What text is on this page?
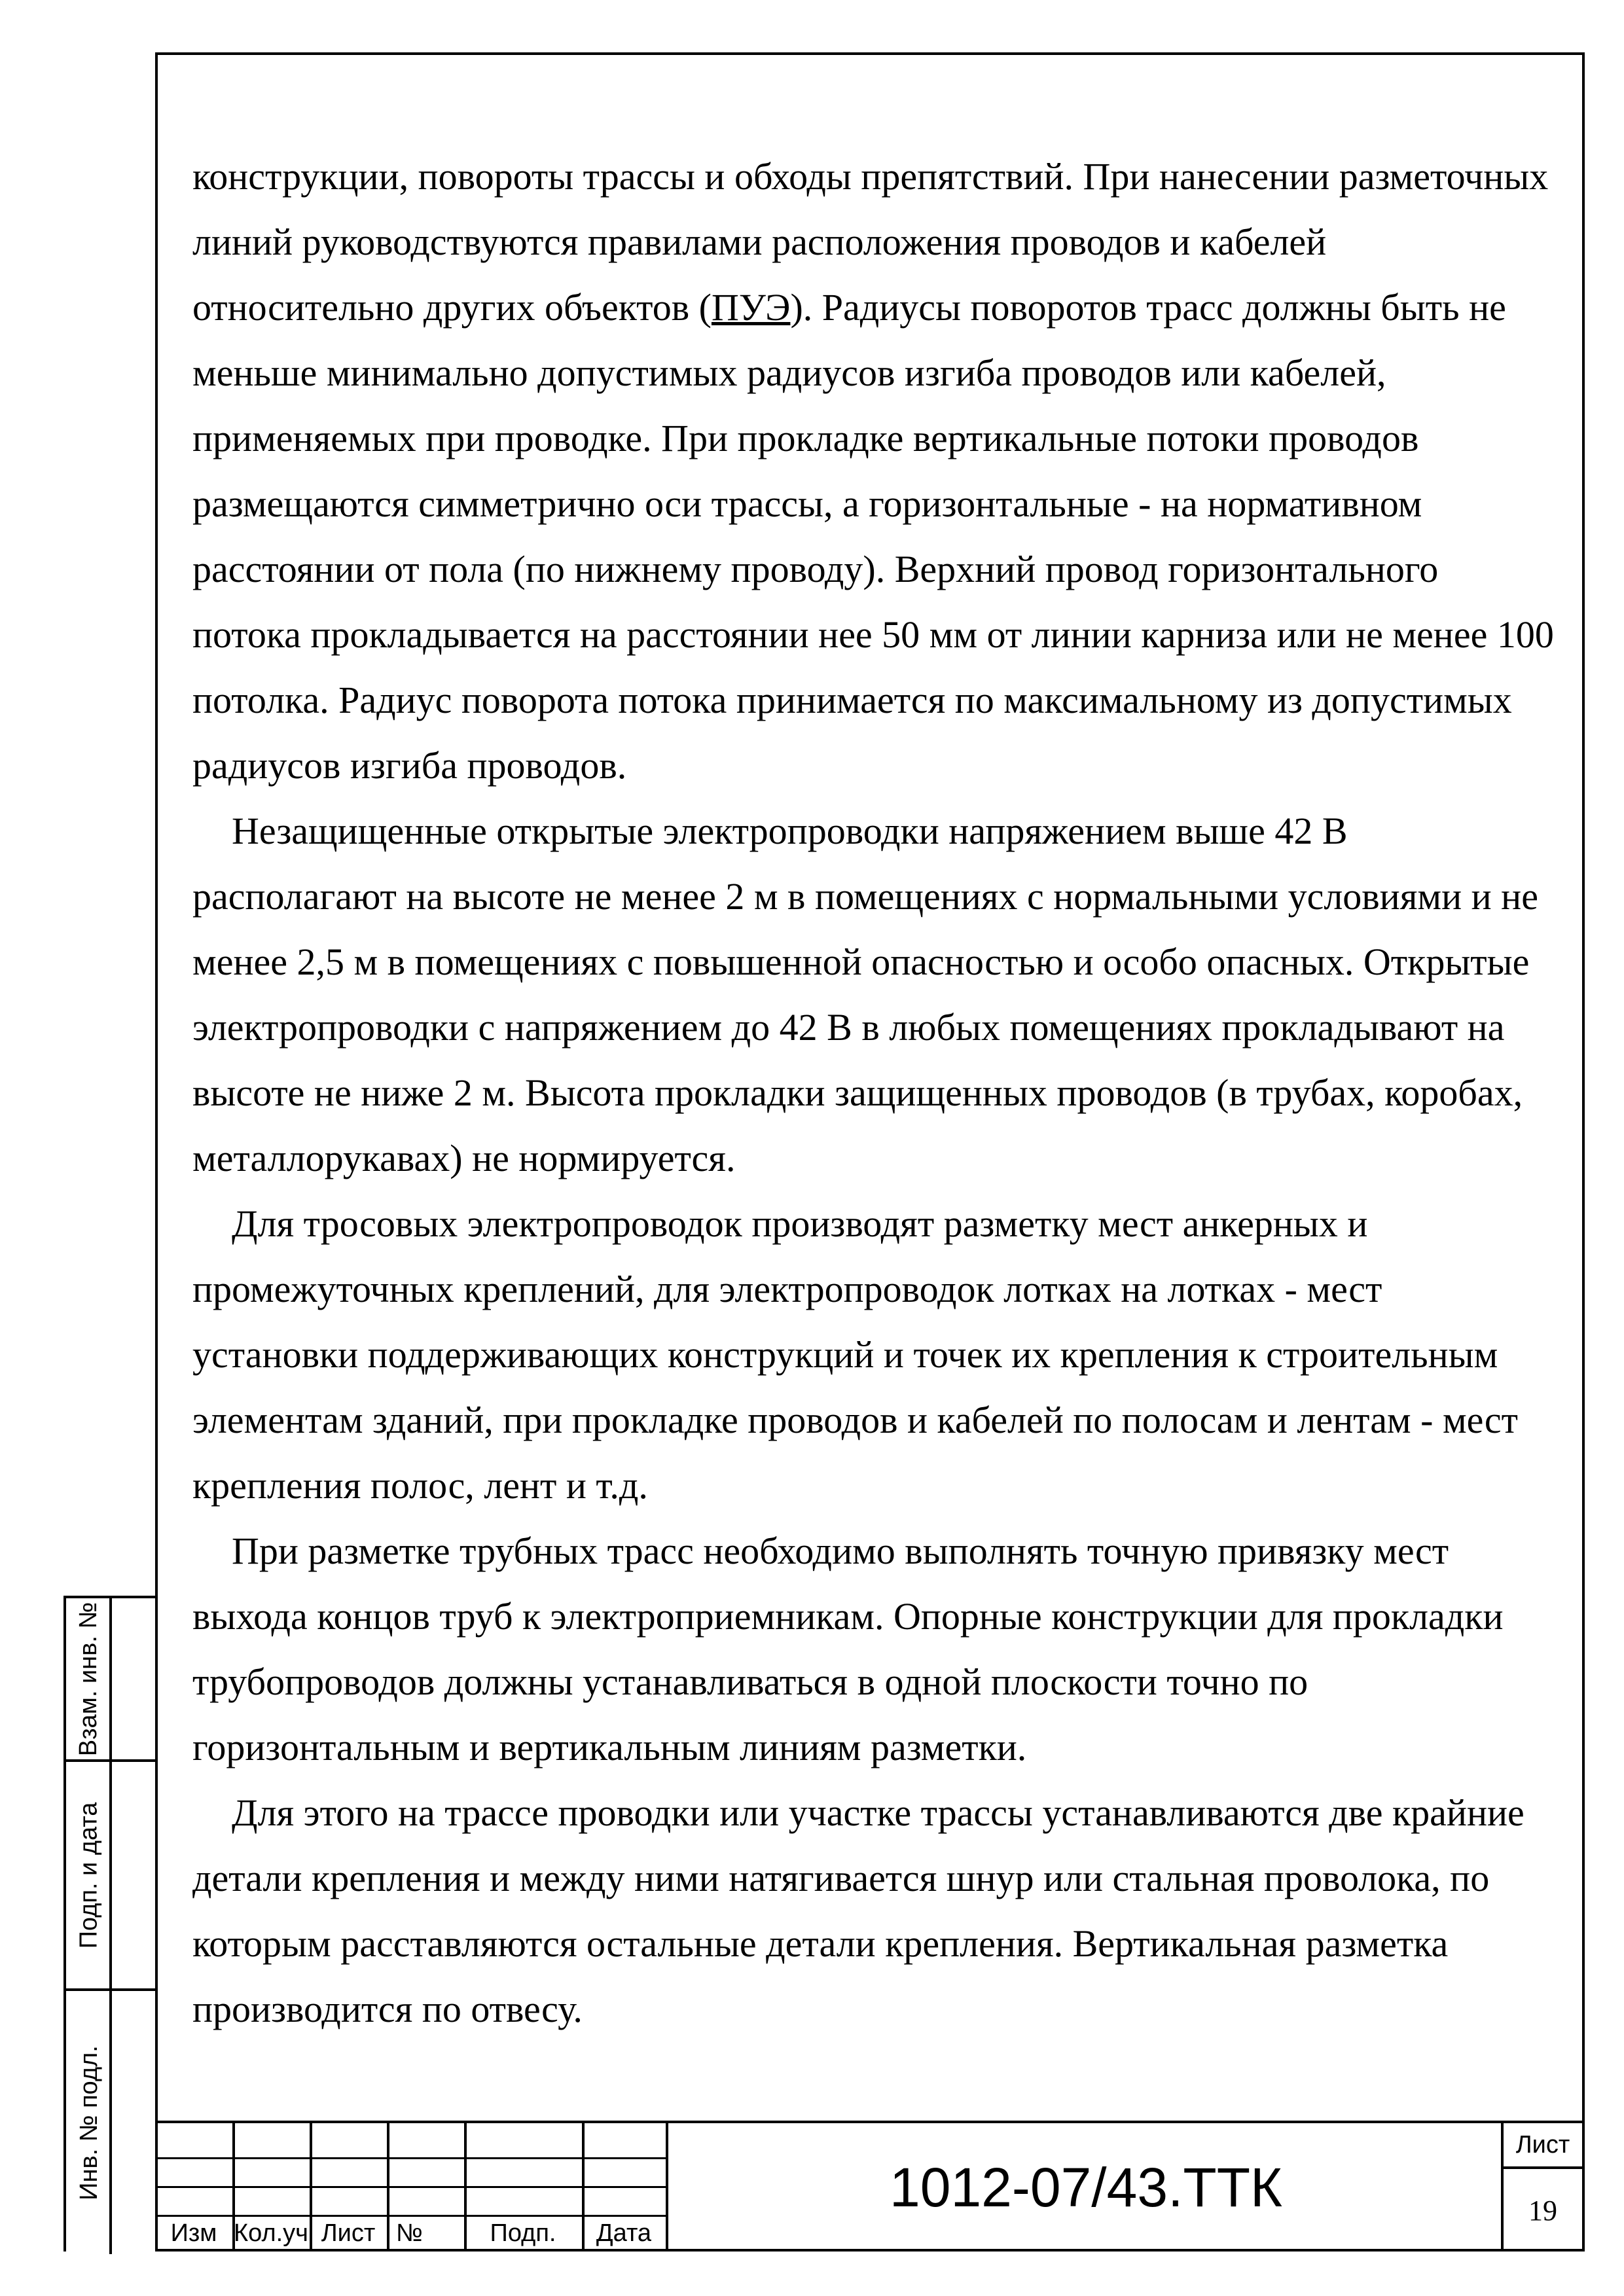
конструкции, повороты трассы и обходы препятствий. При нанесении разметочных линий руководствуются правилами расположения проводов и кабелей относительно других объектов (ПУЭ). Радиусы поворотов трасс должны быть не меньше минимально допустимых радиусов изгиба проводов или кабелей, применяемых при проводке. При прокладке вертикальные потоки проводов размещаются симметрично оси трассы, а горизонтальные - на нормативном расстоянии от пола (по нижнему проводу). Верхний провод горизонтального потока прокладывается на расстоянии нее 50 мм от линии карниза или не менее 100 потолка. Радиус поворота потока принимается по максимальному из допустимых радиусов изгиба проводов.

Незащищенные открытые электропроводки напряжением выше 42 В располагают на высоте не менее 2 м в помещениях с нормальными условиями и не менее 2,5 м в помещениях с повышенной опасностью и особо опасных. Открытые электропроводки с напряжением до 42 В в любых помещениях прокладывают на высоте не ниже 2 м. Высота прокладки защищенных проводов (в трубах, коробах, металлорукавах) не нормируется.

Для тросовых электропроводок производят разметку мест анкерных и промежуточных креплений, для электропроводок лотках на лотках - мест установки поддерживающих конструкций и точек их крепления к строительным элементам зданий, при прокладке проводов и кабелей по полосам и лентам - мест крепления полос, лент и т.д.

При разметке трубных трасс необходимо выполнять точную привязку мест выхода концов труб к электроприемникам. Опорные конструкции для прокладки трубопроводов должны устанавливаться в одной плоскости точно по горизонтальным и вертикальным линиям разметки.

Для этого на трассе проводки или участке трассы устанавливаются две крайние детали крепления и между ними натягивается шнур или стальная проволока, по которым расставляются остальные детали крепления. Вертикальная разметка производится по отвесу.

Взам. инв. №
Подп. и дата
Инв. № подл.
Изм Кол.уч Лист №	Подп.	Дата
1012-07/43.ТТК
Лист
19
